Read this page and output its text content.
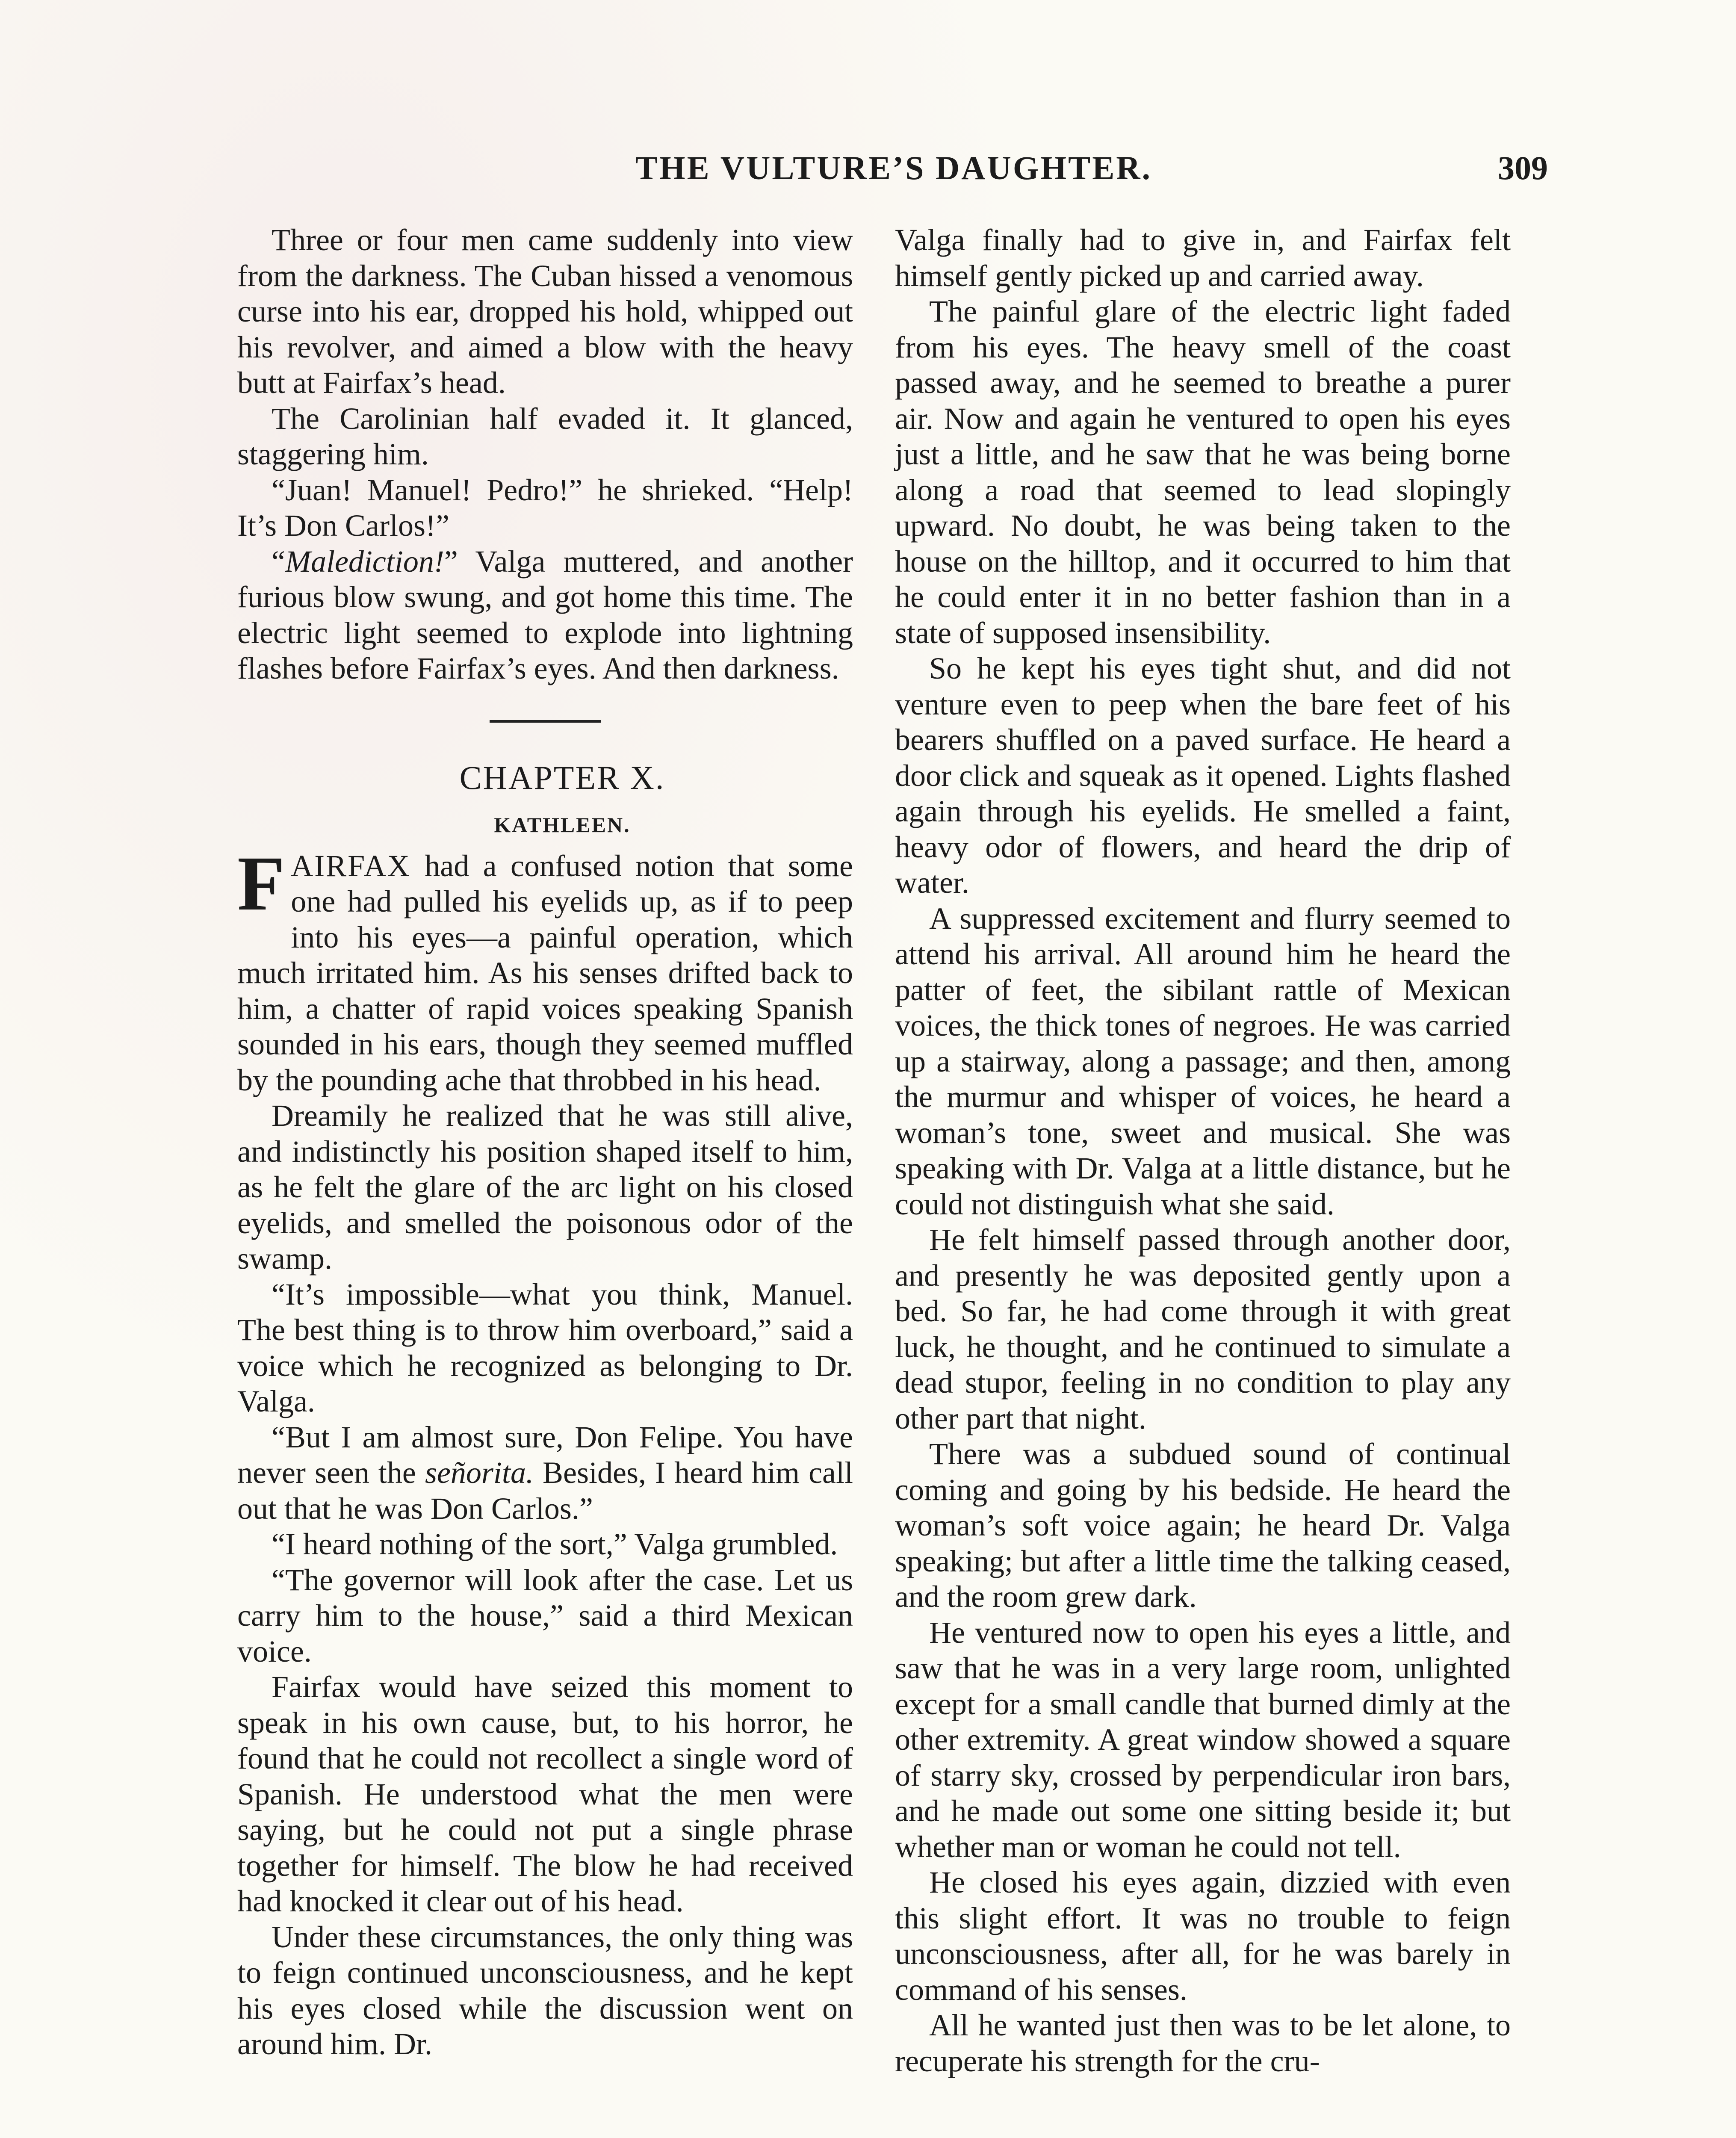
THE VULTURE’S DAUGHTER.	309

Three or four men came suddenly into view from the darkness. The Cuban hissed a venomous curse into his ear, dropped his hold, whipped out his revolver, and aimed a blow with the heavy butt at Fairfax’s head.

The Carolinian half evaded it. It glanced, staggering him.

“Juan! Manuel! Pedro!” he shrieked. “Help! It’s Don Carlos!”

“Malediction!” Valga muttered, and another furious blow swung, and got home this time. The electric light seemed to explode into lightning flashes before Fairfax’s eyes. And then darkness.

CHAPTER X.

KATHLEEN.

FAIRFAX had a confused notion that some one had pulled his eyelids up, as if to peep into his eyes—a painful operation, which much irritated him. As his senses drifted back to him, a chatter of rapid voices speaking Spanish sounded in his ears, though they seemed muffled by the pounding ache that throbbed in his head.

Dreamily he realized that he was still alive, and indistinctly his position shaped itself to him, as he felt the glare of the arc light on his closed eyelids, and smelled the poisonous odor of the swamp.

“It’s impossible—what you think, Manuel. The best thing is to throw him overboard,” said a voice which he recognized as belonging to Dr. Valga.

“But I am almost sure, Don Felipe. You have never seen the señorita. Besides, I heard him call out that he was Don Carlos.”

“I heard nothing of the sort,” Valga grumbled.

“The governor will look after the case. Let us carry him to the house,” said a third Mexican voice.

Fairfax would have seized this moment to speak in his own cause, but, to his horror, he found that he could not recollect a single word of Spanish. He understood what the men were saying, but he could not put a single phrase together for himself. The blow he had received had knocked it clear out of his head.

Under these circumstances, the only thing was to feign continued unconsciousness, and he kept his eyes closed while the discussion went on around him. Dr.

Valga finally had to give in, and Fairfax felt himself gently picked up and carried away.

The painful glare of the electric light faded from his eyes. The heavy smell of the coast passed away, and he seemed to breathe a purer air. Now and again he ventured to open his eyes just a little, and he saw that he was being borne along a road that seemed to lead slopingly upward. No doubt, he was being taken to the house on the hilltop, and it occurred to him that he could enter it in no better fashion than in a state of supposed insensibility.

So he kept his eyes tight shut, and did not venture even to peep when the bare feet of his bearers shuffled on a paved surface. He heard a door click and squeak as it opened. Lights flashed again through his eyelids. He smelled a faint, heavy odor of flowers, and heard the drip of water.

A suppressed excitement and flurry seemed to attend his arrival. All around him he heard the patter of feet, the sibilant rattle of Mexican voices, the thick tones of negroes. He was carried up a stairway, along a passage; and then, among the murmur and whisper of voices, he heard a woman’s tone, sweet and musical. She was speaking with Dr. Valga at a little distance, but he could not distinguish what she said.

He felt himself passed through another door, and presently he was deposited gently upon a bed. So far, he had come through it with great luck, he thought, and he continued to simulate a dead stupor, feeling in no condition to play any other part that night.

There was a subdued sound of continual coming and going by his bedside. He heard the woman’s soft voice again; he heard Dr. Valga speaking; but after a little time the talking ceased, and the room grew dark.

He ventured now to open his eyes a little, and saw that he was in a very large room, unlighted except for a small candle that burned dimly at the other extremity. A great window showed a square of starry sky, crossed by perpendicular iron bars, and he made out some one sitting beside it; but whether man or woman he could not tell.

He closed his eyes again, dizzied with even this slight effort. It was no trouble to feign unconsciousness, after all, for he was barely in command of his senses.

All he wanted just then was to be let alone, to recuperate his strength for the cru-
